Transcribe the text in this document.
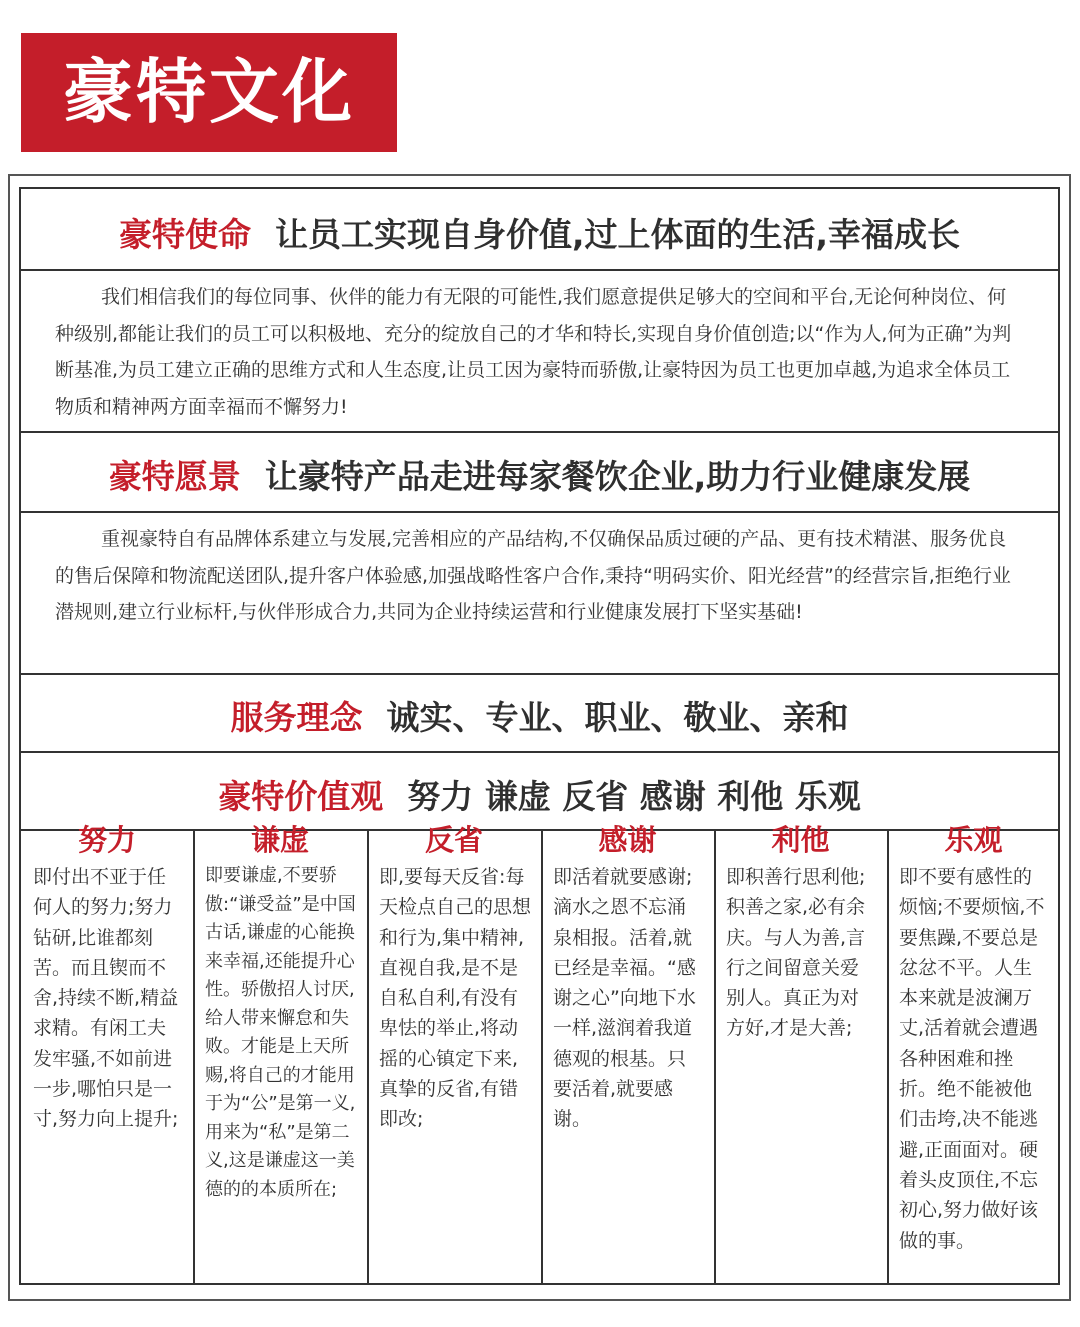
豪特文化
豪特使命 让员工实现自身价值,过上体面的生活,幸福成长
我们相信我们的每位同事、伙伴的能力有无限的可能性,我们愿意提供足够大的空间和平台,无论何种岗位、何种级别,都能让我们的员工可以积极地、充分的绽放自己的才华和特长,实现自身价值创造;以“作为人,何为正确”为判断基准,为员工建立正确的思维方式和人生态度,让员工因为豪特而骄傲,让豪特因为员工也更加卓越,为追求全体员工物质和精神两方面幸福而不懈努力!
豪特愿景 让豪特产品走进每家餐饮企业,助力行业健康发展
重视豪特自有品牌体系建立与发展,完善相应的产品结构,不仅确保品质过硬的产品、更有技术精湛、服务优良的售后保障和物流配送团队,提升客户体验感,加强战略性客户合作,秉持“明码实价、阳光经营”的经营宗旨,拒绝行业潜规则,建立行业标杆,与伙伴形成合力,共同为企业持续运营和行业健康发展打下坚实基础!
服务理念 诚实、专业、职业、敬业、亲和
豪特价值观 努力 谦虚 反省 感谢 利他 乐观
努力
即付出不亚于任何人的努力;努力钻研,比谁都刻苦。而且锲而不舍,持续不断,精益求精。有闲工夫发牢骚,不如前进一步,哪怕只是一寸,努力向上提升;
谦虚
即要谦虚,不要骄傲:“谦受益”是中国古话,谦虚的心能换来幸福,还能提升心性。骄傲招人讨厌,给人带来懈怠和失败。才能是上天所赐,将自己的才能用于为“公”是第一义,用来为“私”是第二义,这是谦虚这一美德的的本质所在;
反省
即,要每天反省:每天检点自己的思想和行为,集中精神,直视自我,是不是自私自利,有没有卑怯的举止,将动摇的心镇定下来,真挚的反省,有错即改;
感谢
即活着就要感谢;滴水之恩不忘涌泉相报。活着,就已经是幸福。“感谢之心”向地下水一样,滋润着我道德观的根基。只要活着,就要感谢。
利他
即积善行思利他;积善之家,必有余庆。与人为善,言行之间留意关爱别人。真正为对方好,才是大善;
乐观
即不要有感性的烦恼;不要烦恼,不要焦躁,不要总是忿忿不平。人生本来就是波澜万丈,活着就会遭遇各种困难和挫折。绝不能被他们击垮,决不能逃避,正面面对。硬着头皮顶住,不忘初心,努力做好该做的事。
